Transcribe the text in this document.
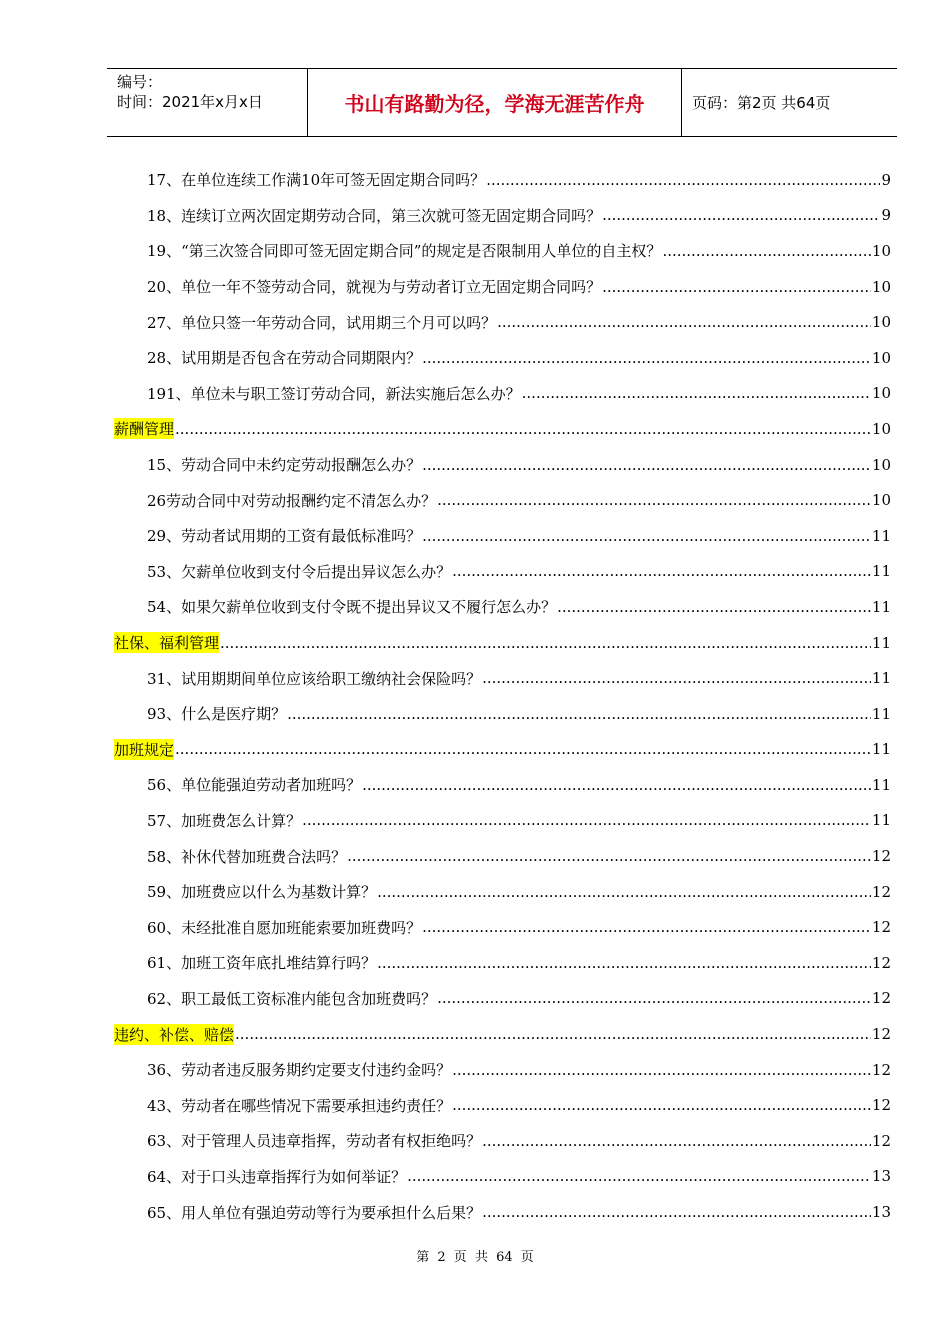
编号：
时间：2021年x月x日	书山有路勤为径，学海无涯苦作舟	页码：第2页 共64页
17、在单位连续工作满10年可签无固定期合同吗？ .....	9
18、连续订立两次固定期劳动合同，第三次就可签无固定期合同吗？ .....	9
19、“第三次签合同即可签无固定期合同”的规定是否限制用人单位的自主权？ .....	10
20、单位一年不签劳动合同，就视为与劳动者订立无固定期合同吗？ .....	10
27、单位只签一年劳动合同，试用期三个月可以吗？ .....	10
28、试用期是否包含在劳动合同期限内？ .....	10
191、单位未与职工签订劳动合同，新法实施后怎么办？ .....	10
薪酬管理 .....	10
15、劳动合同中未约定劳动报酬怎么办？ .....	10
26劳动合同中对劳动报酬约定不清怎么办？ .....	10
29、劳动者试用期的工资有最低标准吗？ .....	11
53、欠薪单位收到支付令后提出异议怎么办？ .....	11
54、如果欠薪单位收到支付令既不提出异议又不履行怎么办？ .....	11
社保、福利管理 .....	11
31、试用期期间单位应该给职工缴纳社会保险吗？ .....	11
93、什么是医疗期？ .....	11
加班规定 .....	11
56、单位能强迫劳动者加班吗？ .....	11
57、加班费怎么计算？ .....	11
58、补休代替加班费合法吗？ .....	12
59、加班费应以什么为基数计算？ .....	12
60、未经批准自愿加班能索要加班费吗？ .....	12
61、加班工资年底扎堆结算行吗？ .....	12
62、职工最低工资标准内能包含加班费吗？ .....	12
违约、补偿、赔偿 .....	12
36、劳动者违反服务期约定要支付违约金吗？ .....	12
43、劳动者在哪些情况下需要承担违约责任？ .....	12
63、对于管理人员违章指挥，劳动者有权拒绝吗？ .....	12
64、对于口头违章指挥行为如何举证？ .....	13
65、用人单位有强迫劳动等行为要承担什么后果？ .....	13
第 2 页 共 64 页
